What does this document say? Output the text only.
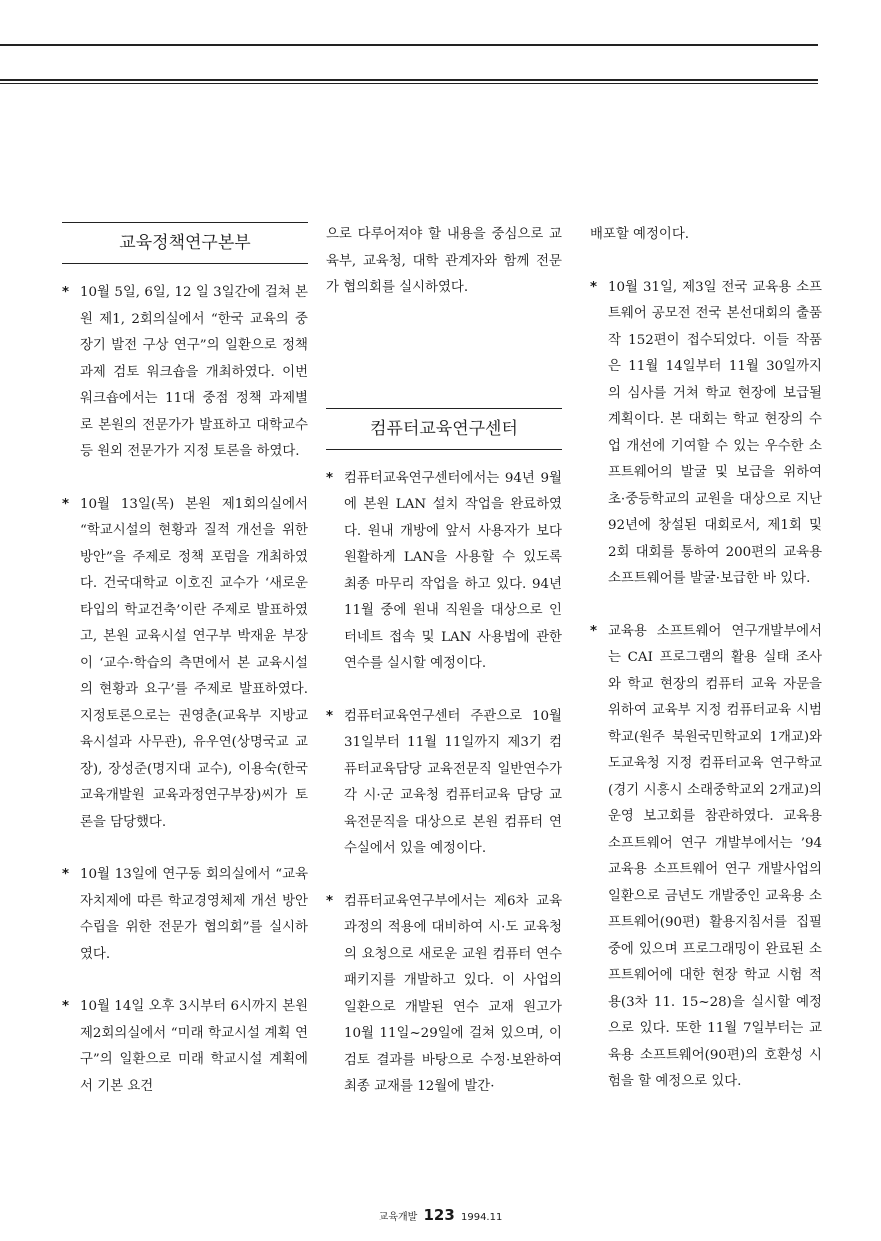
교육정책연구본부
* 10월 5일, 6일, 12 일 3일간에 걸쳐 본원 제1, 2회의실에서 “한국 교육의 중장기 발전 구상 연구”의 일환으로 정책 과제 검토 워크숍을 개최하였다. 이번 워크숍에서는 11대 중점 정책 과제별로 본원의 전문가가 발표하고 대학교수 등 원외 전문가가 지정 토론을 하였다.
* 10월 13일(목) 본원 제1회의실에서 “학교시설의 현황과 질적 개선을 위한 방안”을 주제로 정책 포럼을 개최하였다. 건국대학교 이호진 교수가 ‘새로운 타입의 학교건축’이란 주제로 발표하였고, 본원 교육시설 연구부 박재윤 부장이 ‘교수·학습의 측면에서 본 교육시설의 현황과 요구’를 주제로 발표하였다. 지정토론으로는 권영춘(교육부 지방교육시설과 사무관), 유우연(상명국교 교장), 장성준(명지대 교수), 이용숙(한국교육개발원 교육과정연구부장)씨가 토론을 담당했다.
* 10월 13일에 연구동 회의실에서 “교육자치제에 따른 학교경영체제 개선 방안 수립을 위한 전문가 협의회”를 실시하였다.
* 10월 14일 오후 3시부터 6시까지 본원 제2회의실에서 “미래 학교시설 계획 연구”의 일환으로 미래 학교시설 계획에서 기본 요건

으로 다루어져야 할 내용을 중심으로 교육부, 교육청, 대학 관계자와 함께 전문가 협의회를 실시하였다.

컴퓨터교육연구센터
* 컴퓨터교육연구센터에서는 94년 9월에 본원 LAN 설치 작업을 완료하였다. 원내 개방에 앞서 사용자가 보다 원활하게 LAN을 사용할 수 있도록 최종 마무리 작업을 하고 있다. 94년 11월 중에 원내 직원을 대상으로 인터네트 접속 및 LAN 사용법에 관한 연수를 실시할 예정이다.
* 컴퓨터교육연구센터 주관으로 10월 31일부터 11월 11일까지 제3기 컴퓨터교육담당 교육전문직 일반연수가 각 시·군 교육청 컴퓨터교육 담당 교육전문직을 대상으로 본원 컴퓨터 연수실에서 있을 예정이다.
* 컴퓨터교육연구부에서는 제6차 교육과정의 적용에 대비하여 시·도 교육청의 요청으로 새로운 교원 컴퓨터 연수 패키지를 개발하고 있다. 이 사업의 일환으로 개발된 연수 교재 원고가 10월 11일~29일에 걸쳐 있으며, 이 검토 결과를 바탕으로 수정·보완하여 최종 교재를 12월에 발간·

배포할 예정이다.

* 10월 31일, 제3일 전국 교육용 소프트웨어 공모전 전국 본선대회의 출품작 152편이 접수되었다. 이들 작품은 11월 14일부터 11월 30일까지의 심사를 거쳐 학교 현장에 보급될 계획이다. 본 대회는 학교 현장의 수업 개선에 기여할 수 있는 우수한 소프트웨어의 발굴 및 보급을 위하여 초·중등학교의 교원을 대상으로 지난 92년에 창설된 대회로서, 제1회 및 2회 대회를 통하여 200편의 교육용 소프트웨어를 발굴·보급한 바 있다.
* 교육용 소프트웨어 연구개발부에서는 CAI 프로그램의 활용 실태 조사와 학교 현장의 컴퓨터 교육 자문을 위하여 교육부 지정 컴퓨터교육 시범학교(원주 북원국민학교외 1개교)와 도교육청 지정 컴퓨터교육 연구학교(경기 시흥시 소래중학교외 2개교)의 운영 보고회를 참관하였다. 교육용 소프트웨어 연구 개발부에서는 ’94 교육용 소프트웨어 연구 개발사업의 일환으로 금년도 개발중인 교육용 소프트웨어(90편) 활용지침서를 집필 중에 있으며 프로그래밍이 완료된 소프트웨어에 대한 현장 학교 시험 적용(3차 11. 15~28)을 실시할 예정으로 있다. 또한 11월 7일부터는 교육용 소프트웨어(90편)의 호환성 시험을 할 예정으로 있다.
교육개발 123 1994.11
